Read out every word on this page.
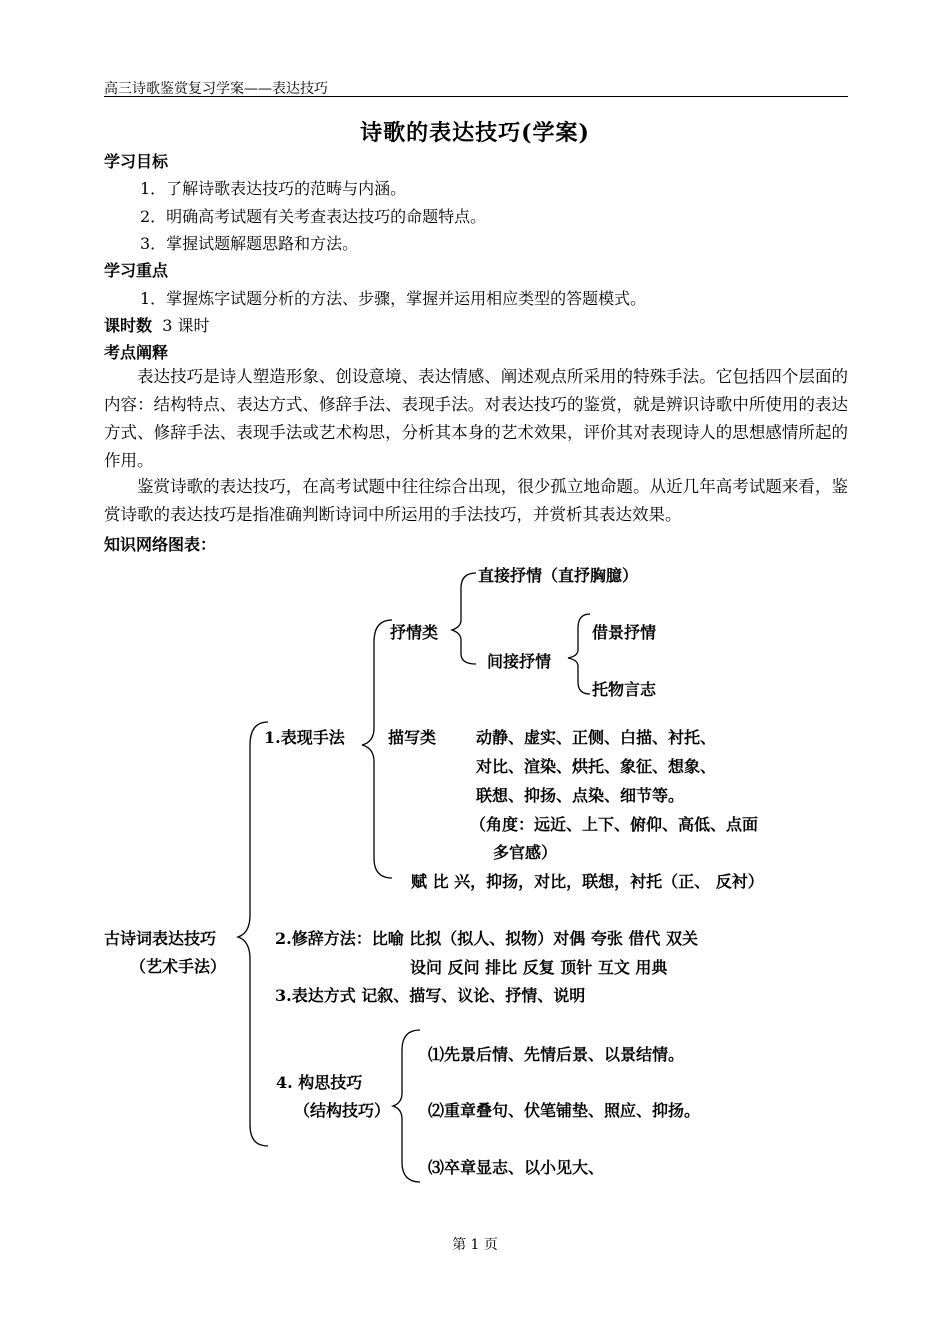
高三诗歌鉴赏复习学案——表达技巧
诗歌的表达技巧(学案)
学习目标
1．了解诗歌表达技巧的范畴与内涵。
2．明确高考试题有关考查表达技巧的命题特点。
3．掌握试题解题思路和方法。
学习重点
1．掌握炼字试题分析的方法、步骤，掌握并运用相应类型的答题模式。
课时数 3 课时
考点阐释
表达技巧是诗人塑造形象、创设意境、表达情感、阐述观点所采用的特殊手法。它包括四个层面的内容：结构特点、表达方式、修辞手法、表现手法。对表达技巧的鉴赏，就是辨识诗歌中所使用的表达方式、修辞手法、表现手法或艺术构思，分析其本身的艺术效果，评价其对表现诗人的思想感情所起的作用。
鉴赏诗歌的表达技巧，在高考试题中往往综合出现，很少孤立地命题。从近几年高考试题来看，鉴赏诗歌的表达技巧是指准确判断诗词中所运用的手法技巧，并赏析其表达效果。
知识网络图表：
直接抒情（直抒胸臆）
抒情类	借景抒情
间接抒情
托物言志
1.表现手法	描写类 动静、虚实、正侧、白描、衬托、
对比、渲染、烘托、象征、想象、
联想、抑扬、点染、细节等。
（角度：远近、上下、俯仰、高低、点面
多官感）
赋 比 兴，抑扬，对比，联想，衬托（正、 反衬）
古诗词表达技巧
（艺术手法）
2.修辞方法：比喻 比拟（拟人、拟物）对偶 夸张 借代 双关
设问 反问 排比 反复 顶针 互文 用典
3.表达方式 记叙、描写、议论、抒情、说明
4. 构思技巧
（结构技巧）
⑴先景后情、先情后景、以景结情。
⑵重章叠句、伏笔铺垫、照应、抑扬。
⑶卒章显志、以小见大、
第 1 页
